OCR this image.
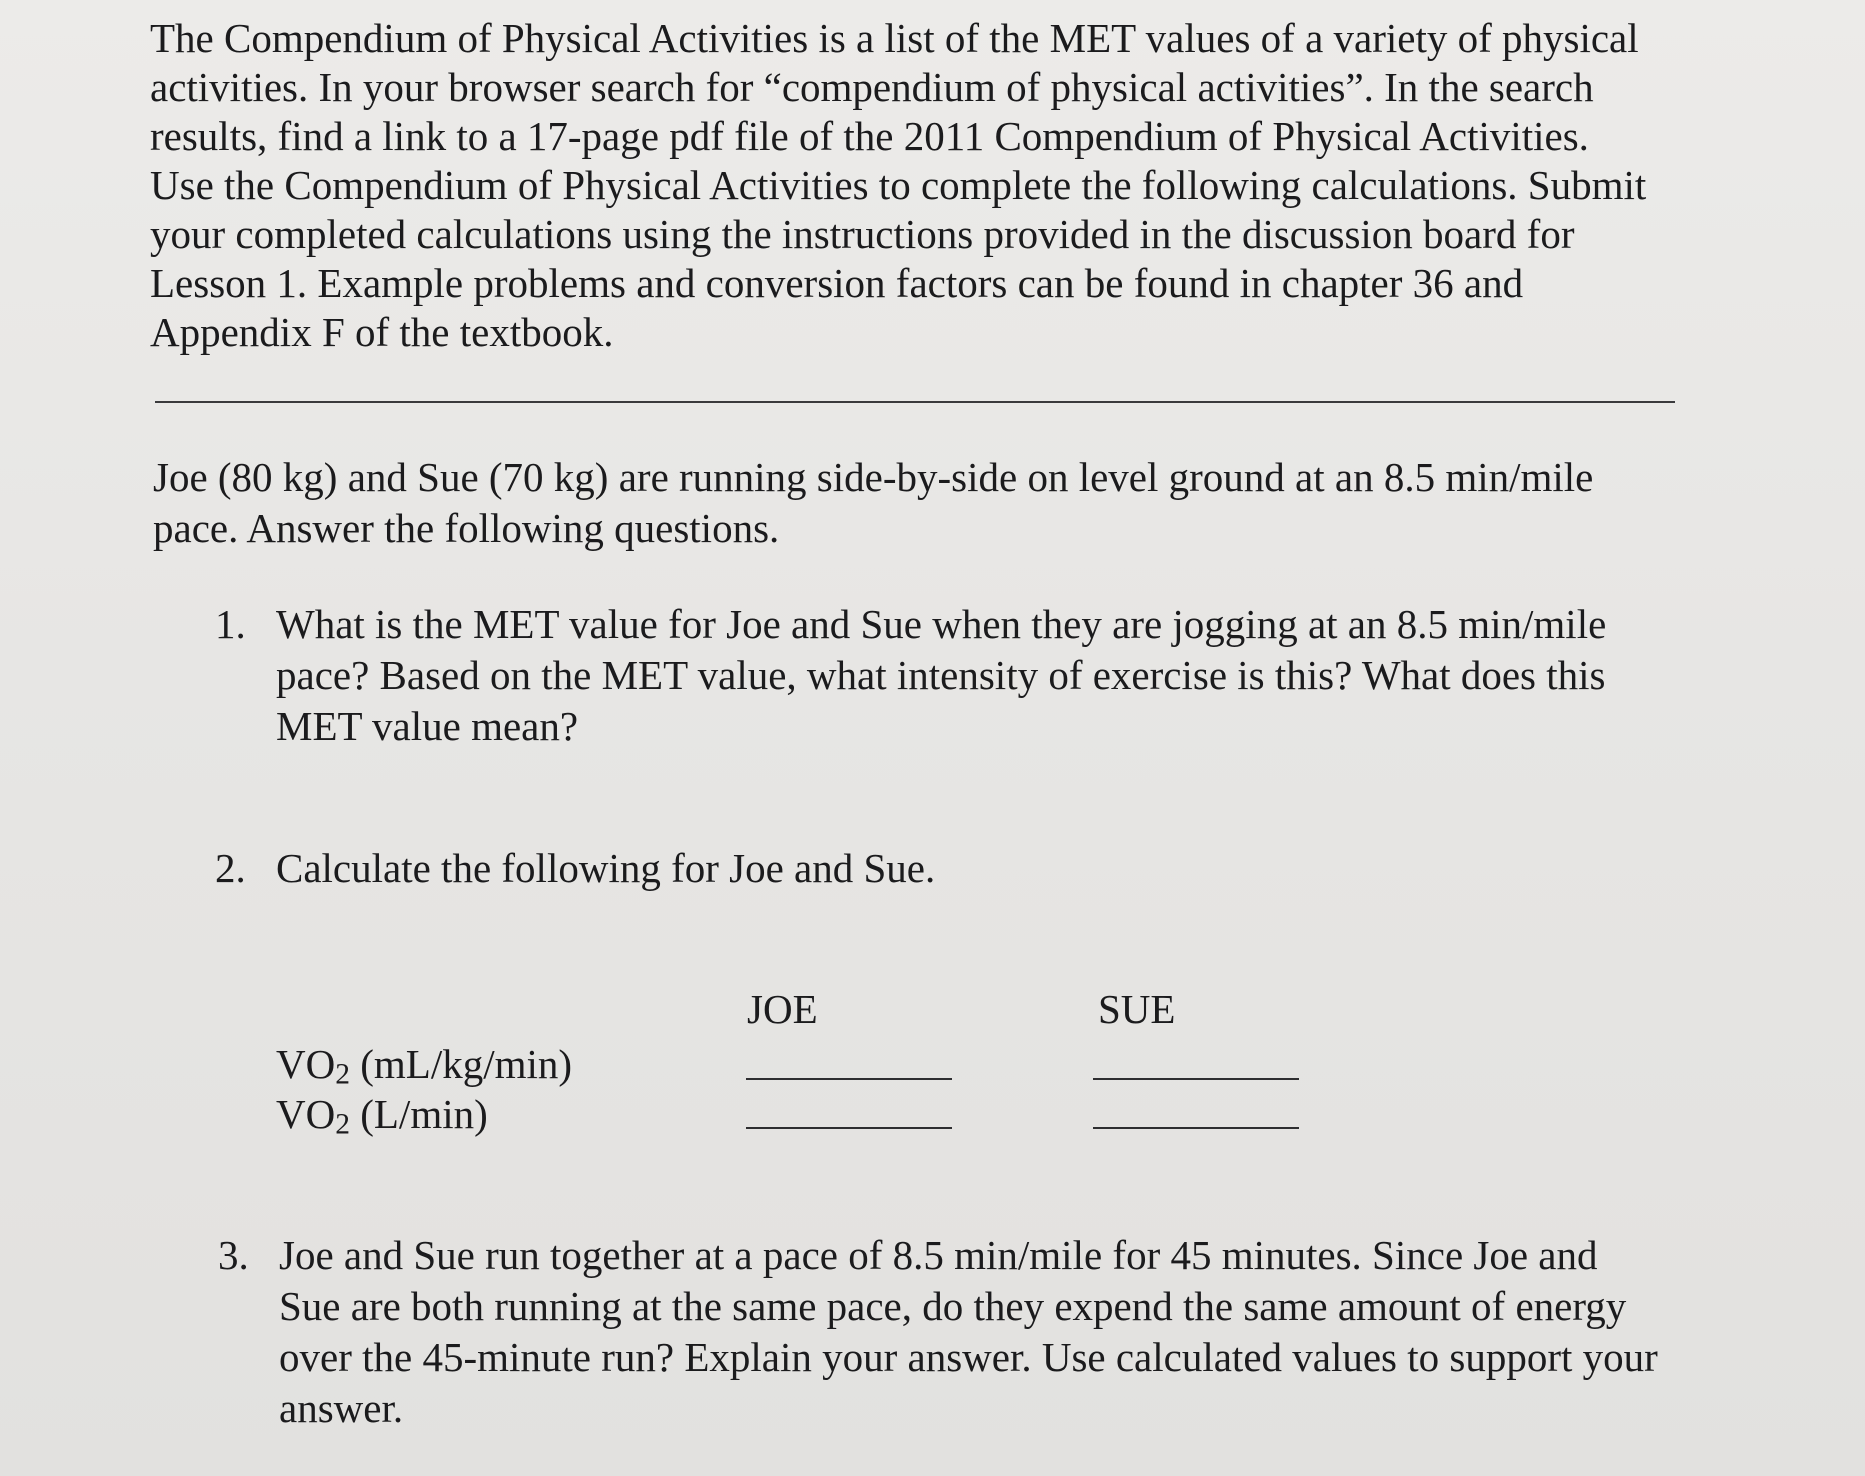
The Compendium of Physical Activities is a list of the MET values of a variety of physical
activities. In your browser search for “compendium of physical activities”. In the search
results, find a link to a 17-page pdf file of the 2011 Compendium of Physical Activities.
Use the Compendium of Physical Activities to complete the following calculations. Submit
your completed calculations using the instructions provided in the discussion board for
Lesson 1. Example problems and conversion factors can be found in chapter 36 and
Appendix F of the textbook.

Joe (80 kg) and Sue (70 kg) are running side-by-side on level ground at an 8.5 min/mile
pace. Answer the following questions.

1. What is the MET value for Joe and Sue when they are jogging at an 8.5 min/mile
pace? Based on the MET value, what intensity of exercise is this? What does this
MET value mean?
2. Calculate the following for Joe and Sue.
JOE	SUE
$VO_2$ (mL/kg/min)
$VO_2$ (L/min)
3. Joe and Sue run together at a pace of 8.5 min/mile for 45 minutes. Since Joe and
Sue are both running at the same pace, do they expend the same amount of energy
over the 45-minute run? Explain your answer. Use calculated values to support your
answer.
